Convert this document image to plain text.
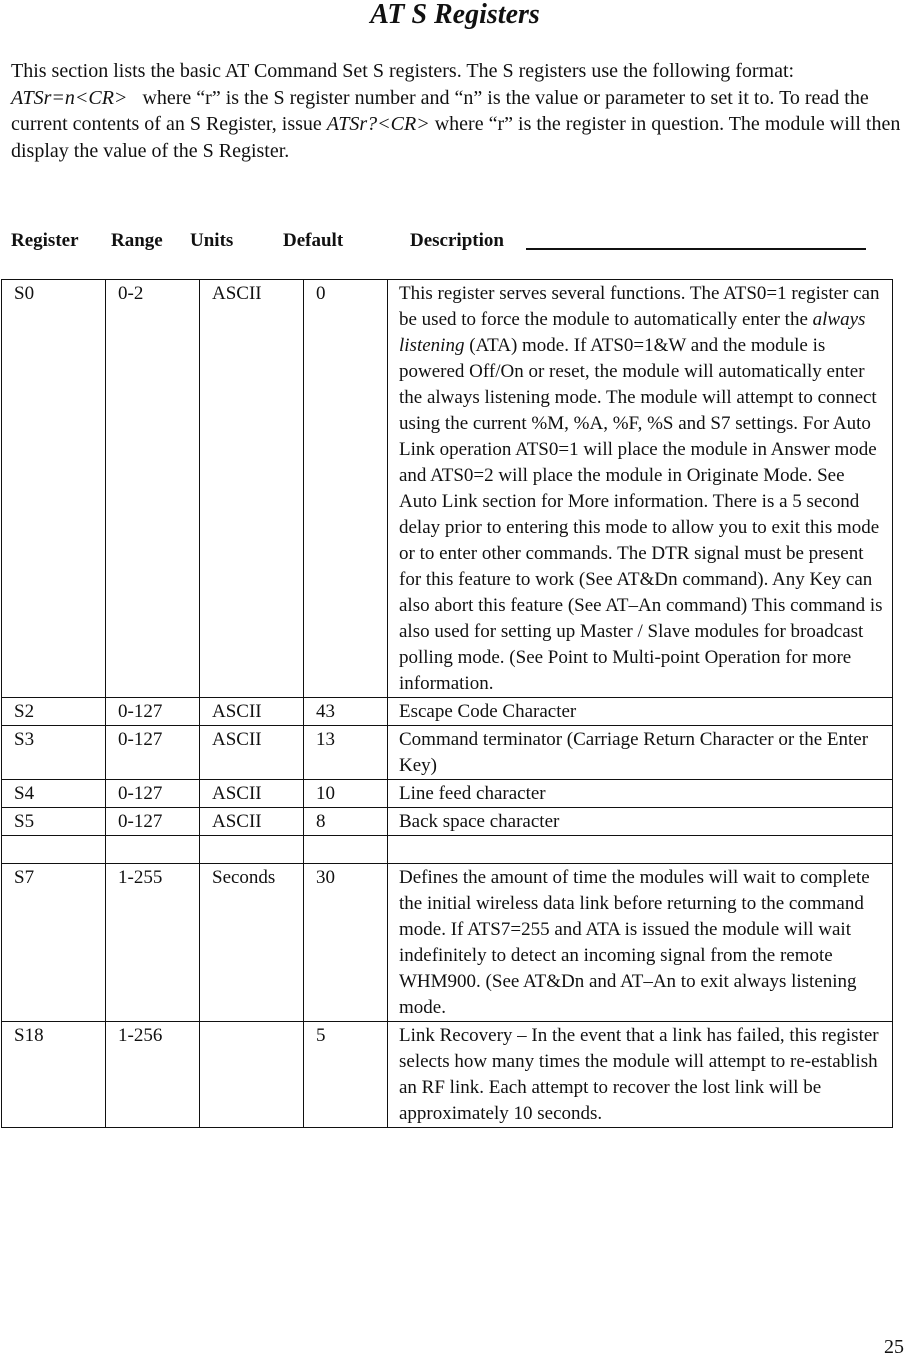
AT S Registers
This section lists the basic AT Command Set S registers. The S registers use the following format: ATSr=n<CR> where “r” is the S register number and “n” is the value or parameter to set it to. To read the current contents of an S Register, issue ATSr?<CR> where “r” is the register in question. The module will then display the value of the S Register.
Register Range Units	Default	Description
S0	0-2	ASCII	0	This register serves several functions. The ATS0=1 register can be used to force the module to automatically enter the always listening (ATA) mode. If ATS0=1&W and the module is powered Off/On or reset, the module will automatically enter the always listening mode. The module will attempt to connect using the current %M, %A, %F, %S and S7 settings. For Auto Link operation ATS0=1 will place the module in Answer mode and ATS0=2 will place the module in Originate Mode. See Auto Link section for More information. There is a 5 second delay prior to entering this mode to allow you to exit this mode or to enter other commands. The DTR signal must be present for this feature to work (See AT&Dn command). Any Key can also abort this feature (See AT–An command) This command is also used for setting up Master / Slave modules for broadcast polling mode. (See Point to Multi-point Operation for more information.
S2	0-127	ASCII	43	Escape Code Character
S3	0-127	ASCII	13	Command terminator (Carriage Return Character or the Enter Key)
S4	0-127	ASCII	10	Line feed character
S5	0-127	ASCII	8	Back space character

S7	1-255	Seconds	30	Defines the amount of time the modules will wait to complete the initial wireless data link before returning to the command mode. If ATS7=255 and ATA is issued the module will wait indefinitely to detect an incoming signal from the remote WHM900. (See AT&Dn and AT–An to exit always listening mode.
S18	1-256		5	Link Recovery – In the event that a link has failed, this register selects how many times the module will attempt to re-establish an RF link. Each attempt to recover the lost link will be approximately 10 seconds.
25
